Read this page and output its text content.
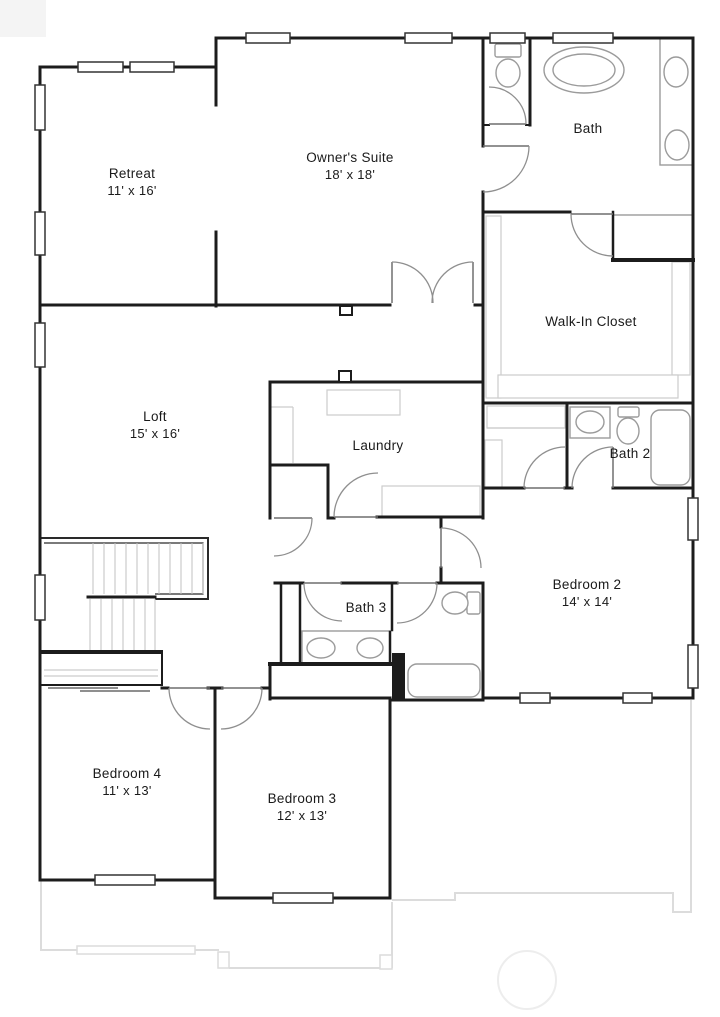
Retreat
11' x 16'
Owner's Suite
18' x 18'
Bath
Walk-In Closet
Loft
15' x 16'
Laundry
Bath 2
Bedroom 2
14' x 14'
Bath 3
Bedroom 4
11' x 13'
Bedroom 3
12' x 13'
